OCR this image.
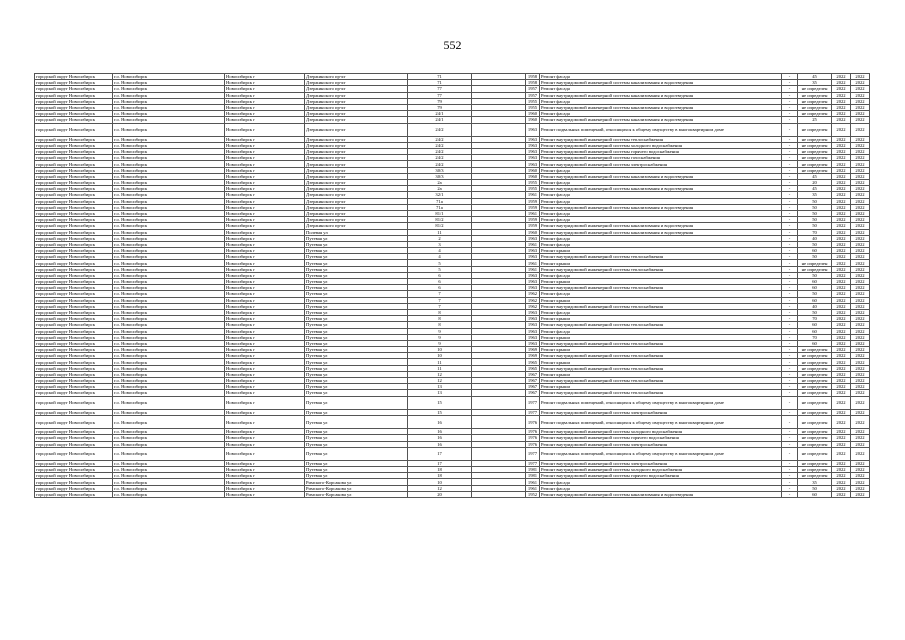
552
городской округ Новосибирск	г.о. Новосибирск	Новосибирск г	Дзержинского пр-кт	71		1958	Ремонт фасада	-	45	2022	2022
городской округ Новосибирск	г.о. Новосибирск	Новосибирск г	Дзержинского пр-кт	71		1958	Ремонт внутридомовой инженерной системы канализования и водоотведения	-	35	2022	2022
городской округ Новосибирск	г.о. Новосибирск	Новосибирск г	Дзержинского пр-кт	77		1957	Ремонт фасада	-	не определен	2022	2022
городской округ Новосибирск	г.о. Новосибирск	Новосибирск г	Дзержинского пр-кт	77		1957	Ремонт внутридомовой инженерной системы канализования и водоотведения	-	не определен	2022	2022
городской округ Новосибирск	г.о. Новосибирск	Новосибирск г	Дзержинского пр-кт	79		1955	Ремонт фасада	-	не определен	2022	2022
городской округ Новосибирск	г.о. Новосибирск	Новосибирск г	Дзержинского пр-кт	79		1955	Ремонт внутридомовой инженерной системы канализования и водоотведения	-	не определен	2022	2022
городской округ Новосибирск	г.о. Новосибирск	Новосибирск г	Дзержинского пр-кт	24/1		1960	Ремонт фасада	-	не определен	2022	2022
городской округ Новосибирск	г.о. Новосибирск	Новосибирск г	Дзержинского пр-кт	24/1		1960	Ремонт внутридомовой инженерной системы канализования и водоотведения	-	25	2022	2022
городской округ Новосибирск	г.о. Новосибирск	Новосибирск г	Дзержинского пр-кт	24/2		1963	Ремонт подвальных помещений, относящихся к общему имуществу в многоквартирном доме	-	не определен	2022	2022
городской округ Новосибирск	г.о. Новосибирск	Новосибирск г	Дзержинского пр-кт	24/2		1963	Ремонт внутридомовой инженерной системы теплоснабжения	-	не определен	2022	2022
городской округ Новосибирск	г.о. Новосибирск	Новосибирск г	Дзержинского пр-кт	24/2		1963	Ремонт внутридомовой инженерной системы холодного водоснабжения	-	не определен	2022	2022
городской округ Новосибирск	г.о. Новосибирск	Новосибирск г	Дзержинского пр-кт	24/2		1963	Ремонт внутридомовой инженерной системы горячего водоснабжения	-	не определен	2022	2022
городской округ Новосибирск	г.о. Новосибирск	Новосибирск г	Дзержинского пр-кт	24/2		1963	Ремонт внутридомовой инженерной системы газоснабжения	-	не определен	2022	2022
городской округ Новосибирск	г.о. Новосибирск	Новосибирск г	Дзержинского пр-кт	24/2		1963	Ремонт внутридомовой инженерной системы электроснабжения	-	не определен	2022	2022
городской округ Новосибирск	г.о. Новосибирск	Новосибирск г	Дзержинского пр-кт	30/3		1960	Ремонт фасада	-	не определен	2022	2022
городской округ Новосибирск	г.о. Новосибирск	Новосибирск г	Дзержинского пр-кт	30/3		1960	Ремонт внутридомовой инженерной системы канализования и водоотведения	-	45	2022	2022
городской округ Новосибирск	г.о. Новосибирск	Новосибирск г	Дзержинского пр-кт	2а		1955	Ремонт фасада	-	20	2022	2022
городской округ Новосибирск	г.о. Новосибирск	Новосибирск г	Дзержинского пр-кт	2а		1955	Ремонт внутридомовой инженерной системы канализования и водоотведения	-	45	2022	2022
городской округ Новосибирск	г.о. Новосибирск	Новосибирск г	Дзержинского пр-кт	32/1		1961	Ремонт фасада	-	35	2022	2022
городской округ Новосибирск	г.о. Новосибирск	Новосибирск г	Дзержинского пр-кт	71а		1959	Ремонт фасада	-	50	2022	2022
городской округ Новосибирск	г.о. Новосибирск	Новосибирск г	Дзержинского пр-кт	71а		1959	Ремонт внутридомовой инженерной системы канализования и водоотведения	-	50	2022	2022
городской округ Новосибирск	г.о. Новосибирск	Новосибирск г	Дзержинского пр-кт	81/1		1961	Ремонт фасада	-	50	2022	2022
городской округ Новосибирск	г.о. Новосибирск	Новосибирск г	Дзержинского пр-кт	81/2		1959	Ремонт фасада	-	50	2022	2022
городской округ Новосибирск	г.о. Новосибирск	Новосибирск г	Дзержинского пр-кт	81/2		1959	Ремонт внутридомовой инженерной системы канализования и водоотведения	-	50	2022	2022
городской округ Новосибирск	г.о. Новосибирск	Новосибирск г	Полевая ул	11		1960	Ремонт внутридомовой инженерной системы канализования и водоотведения	-	70	2022	2022
городской округ Новосибирск	г.о. Новосибирск	Новосибирск г	Путевая ул	2		1963	Ремонт фасада	-	40	2022	2022
городской округ Новосибирск	г.о. Новосибирск	Новосибирск г	Путевая ул	3		1961	Ремонт фасада	-	50	2022	2022
городской округ Новосибирск	г.о. Новосибирск	Новосибирск г	Путевая ул	4		1963	Ремонт крыши	-	60	2022	2022
городской округ Новосибирск	г.о. Новосибирск	Новосибирск г	Путевая ул	4		1963	Ремонт внутридомовой инженерной системы теплоснабжения	-	50	2022	2022
городской округ Новосибирск	г.о. Новосибирск	Новосибирск г	Путевая ул	5		1961	Ремонт крыши	-	не определен	2022	2022
городской округ Новосибирск	г.о. Новосибирск	Новосибирск г	Путевая ул	5		1961	Ремонт внутридомовой инженерной системы теплоснабжения	-	не определен	2022	2022
городской округ Новосибирск	г.о. Новосибирск	Новосибирск г	Путевая ул	6		1963	Ремонт фасада	-	50	2022	2022
городской округ Новосибирск	г.о. Новосибирск	Новосибирск г	Путевая ул	6		1963	Ремонт крыши	-	60	2022	2022
городской округ Новосибирск	г.о. Новосибирск	Новосибирск г	Путевая ул	6		1963	Ремонт внутридомовой инженерной системы теплоснабжения	-	60	2022	2022
городской округ Новосибирск	г.о. Новосибирск	Новосибирск г	Путевая ул	7		1962	Ремонт фасада	-	50	2022	2022
городской округ Новосибирск	г.о. Новосибирск	Новосибирск г	Путевая ул	7		1962	Ремонт крыши	-	60	2022	2022
городской округ Новосибирск	г.о. Новосибирск	Новосибирск г	Путевая ул	7		1962	Ремонт внутридомовой инженерной системы теплоснабжения	-	40	2022	2022
городской округ Новосибирск	г.о. Новосибирск	Новосибирск г	Путевая ул	8		1963	Ремонт фасада	-	50	2022	2022
городской округ Новосибирск	г.о. Новосибирск	Новосибирск г	Путевая ул	8		1963	Ремонт крыши	-	70	2022	2022
городской округ Новосибирск	г.о. Новосибирск	Новосибирск г	Путевая ул	8		1963	Ремонт внутридомовой инженерной системы теплоснабжения	-	60	2022	2022
городской округ Новосибирск	г.о. Новосибирск	Новосибирск г	Путевая ул	9		1963	Ремонт фасада	-	60	2022	2022
городской округ Новосибирск	г.о. Новосибирск	Новосибирск г	Путевая ул	9		1963	Ремонт крыши	-	70	2022	2022
городской округ Новосибирск	г.о. Новосибирск	Новосибирск г	Путевая ул	9		1963	Ремонт внутридомовой инженерной системы теплоснабжения	-	60	2022	2022
городской округ Новосибирск	г.о. Новосибирск	Новосибирск г	Путевая ул	10		1969	Ремонт крыши	-	не определен	2022	2022
городской округ Новосибирск	г.о. Новосибирск	Новосибирск г	Путевая ул	10		1969	Ремонт внутридомовой инженерной системы теплоснабжения	-	не определен	2022	2022
городской округ Новосибирск	г.о. Новосибирск	Новосибирск г	Путевая ул	11		1965	Ремонт крыши	-	не определен	2022	2022
городской округ Новосибирск	г.о. Новосибирск	Новосибирск г	Путевая ул	11		1965	Ремонт внутридомовой инженерной системы теплоснабжения	-	не определен	2022	2022
городской округ Новосибирск	г.о. Новосибирск	Новосибирск г	Путевая ул	12		1967	Ремонт крыши	-	не определен	2022	2022
городской округ Новосибирск	г.о. Новосибирск	Новосибирск г	Путевая ул	12		1967	Ремонт внутридомовой инженерной системы теплоснабжения	-	не определен	2022	2022
городской округ Новосибирск	г.о. Новосибирск	Новосибирск г	Путевая ул	13		1967	Ремонт крыши	-	не определен	2022	2022
городской округ Новосибирск	г.о. Новосибирск	Новосибирск г	Путевая ул	13		1967	Ремонт внутридомовой инженерной системы теплоснабжения	-	не определен	2022	2022
городской округ Новосибирск	г.о. Новосибирск	Новосибирск г	Путевая ул	15		1977	Ремонт подвальных помещений, относящихся к общему имуществу в многоквартирном доме	-	не определен	2022	2022
городской округ Новосибирск	г.о. Новосибирск	Новосибирск г	Путевая ул	15		1977	Ремонт внутридомовой инженерной системы электроснабжения	-	не определен	2022	2022
городской округ Новосибирск	г.о. Новосибирск	Новосибирск г	Путевая ул	16		1976	Ремонт подвальных помещений, относящихся к общему имуществу в многоквартирном доме	-	не определен	2022	2022
городской округ Новосибирск	г.о. Новосибирск	Новосибирск г	Путевая ул	16		1976	Ремонт внутридомовой инженерной системы холодного водоснабжения	-	не определен	2022	2022
городской округ Новосибирск	г.о. Новосибирск	Новосибирск г	Путевая ул	16		1976	Ремонт внутридомовой инженерной системы горячего водоснабжения	-	не определен	2022	2022
городской округ Новосибирск	г.о. Новосибирск	Новосибирск г	Путевая ул	16		1976	Ремонт внутридомовой инженерной системы электроснабжения	-	не определен	2022	2022
городской округ Новосибирск	г.о. Новосибирск	Новосибирск г	Путевая ул	17		1977	Ремонт подвальных помещений, относящихся к общему имуществу в многоквартирном доме	-	не определен	2022	2022
городской округ Новосибирск	г.о. Новосибирск	Новосибирск г	Путевая ул	17		1977	Ремонт внутридомовой инженерной системы электроснабжения	-	не определен	2022	2022
городской округ Новосибирск	г.о. Новосибирск	Новосибирск г	Путевая ул	18		1981	Ремонт внутридомовой инженерной системы холодного водоснабжения	-	не определен	2022	2022
городской округ Новосибирск	г.о. Новосибирск	Новосибирск г	Путевая ул	18		1981	Ремонт внутридомовой инженерной системы горячего водоснабжения	-	не определен	2022	2022
городской округ Новосибирск	г.о. Новосибирск	Новосибирск г	Римского-Корсакова ул	10		1961	Ремонт фасада	-	35	2022	2022
городской округ Новосибирск	г.о. Новосибирск	Новосибирск г	Римского-Корсакова ул	12		1961	Ремонт фасада	-	50	2022	2022
городской округ Новосибирск	г.о. Новосибирск	Новосибирск г	Римского-Корсакова ул	20		1952	Ремонт внутридомовой инженерной системы канализования и водоотведения	-	60	2022	2022
